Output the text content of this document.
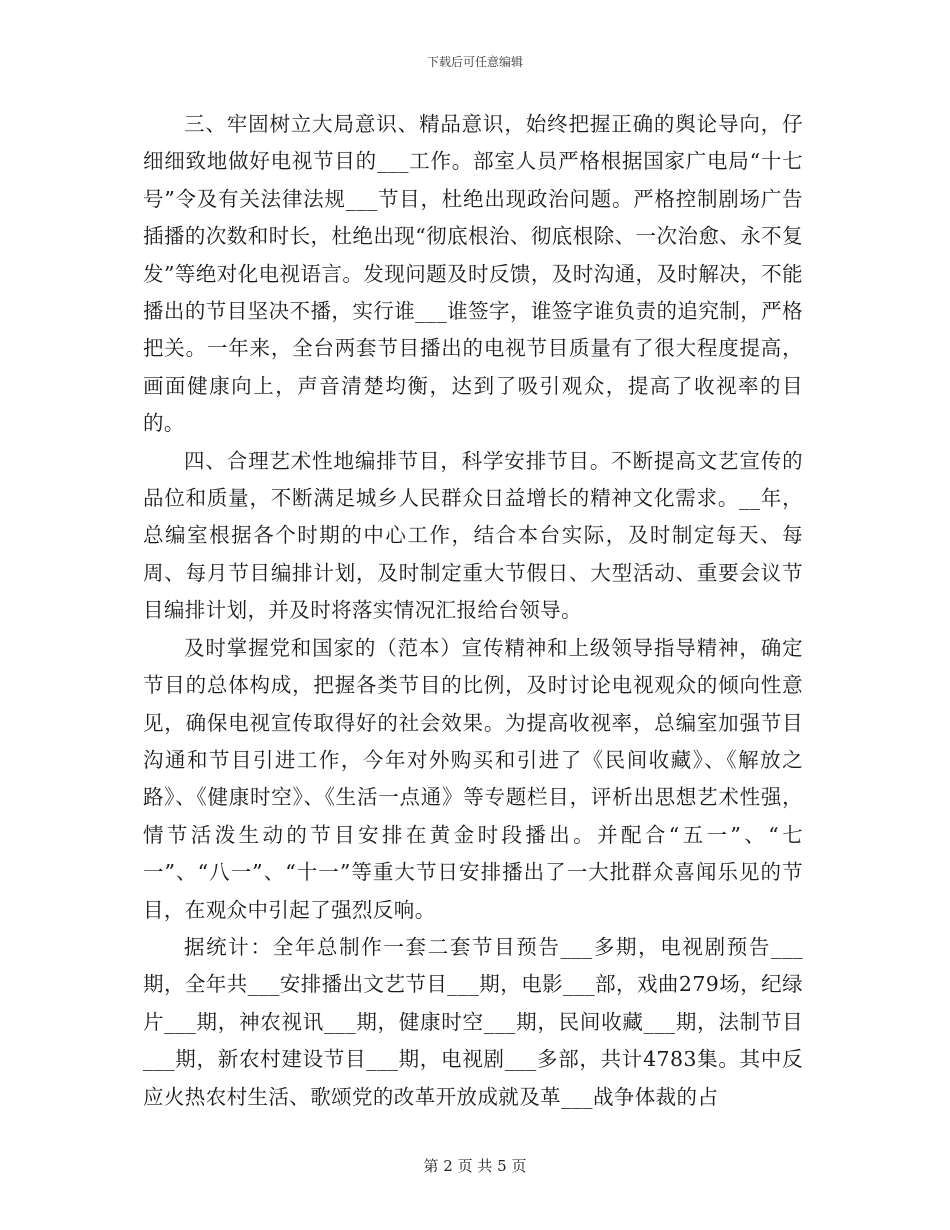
下载后可任意编辑

三、牢固树立大局意识、精品意识，始终把握正确的舆论导向，仔细细致地做好电视节目的___工作。部室人员严格根据国家广电局“十七号”令及有关法律法规___节目，杜绝出现政治问题。严格控制剧场广告插播的次数和时长，杜绝出现“彻底根治、彻底根除、一次治愈、永不复发”等绝对化电视语言。发现问题及时反馈，及时沟通，及时解决，不能播出的节目坚决不播，实行谁___谁签字，谁签字谁负责的追究制，严格把关。一年来，全台两套节目播出的电视节目质量有了很大程度提高，画面健康向上，声音清楚均衡，达到了吸引观众，提高了收视率的目的。

四、合理艺术性地编排节目，科学安排节目。不断提高文艺宣传的品位和质量，不断满足城乡人民群众日益增长的精神文化需求。__年，总编室根据各个时期的中心工作，结合本台实际，及时制定每天、每周、每月节目编排计划，及时制定重大节假日、大型活动、重要会议节目编排计划，并及时将落实情况汇报给台领导。

及时掌握党和国家的（范本）宣传精神和上级领导指导精神，确定节目的总体构成，把握各类节目的比例，及时讨论电视观众的倾向性意见，确保电视宣传取得好的社会效果。为提高收视率，总编室加强节目沟通和节目引进工作，今年对外购买和引进了《民间收藏》、《解放之路》、《健康时空》、《生活一点通》等专题栏目，评析出思想艺术性强，情节活泼生动的节目安排在黄金时段播出。并配合“五一”、“七一”、“八一”、“十一”等重大节日安排播出了一大批群众喜闻乐见的节目，在观众中引起了强烈反响。

据统计：全年总制作一套二套节目预告___多期，电视剧预告___期，全年共___安排播出文艺节目___期，电影___部，戏曲279场，纪绿片___期，神农视讯___期，健康时空___期，民间收藏___期，法制节目___期，新农村建设节目___期，电视剧___多部，共计4783集。其中反应火热农村生活、歌颂党的改革开放成就及革___战争体裁的占

第 2 页 共 5 页
